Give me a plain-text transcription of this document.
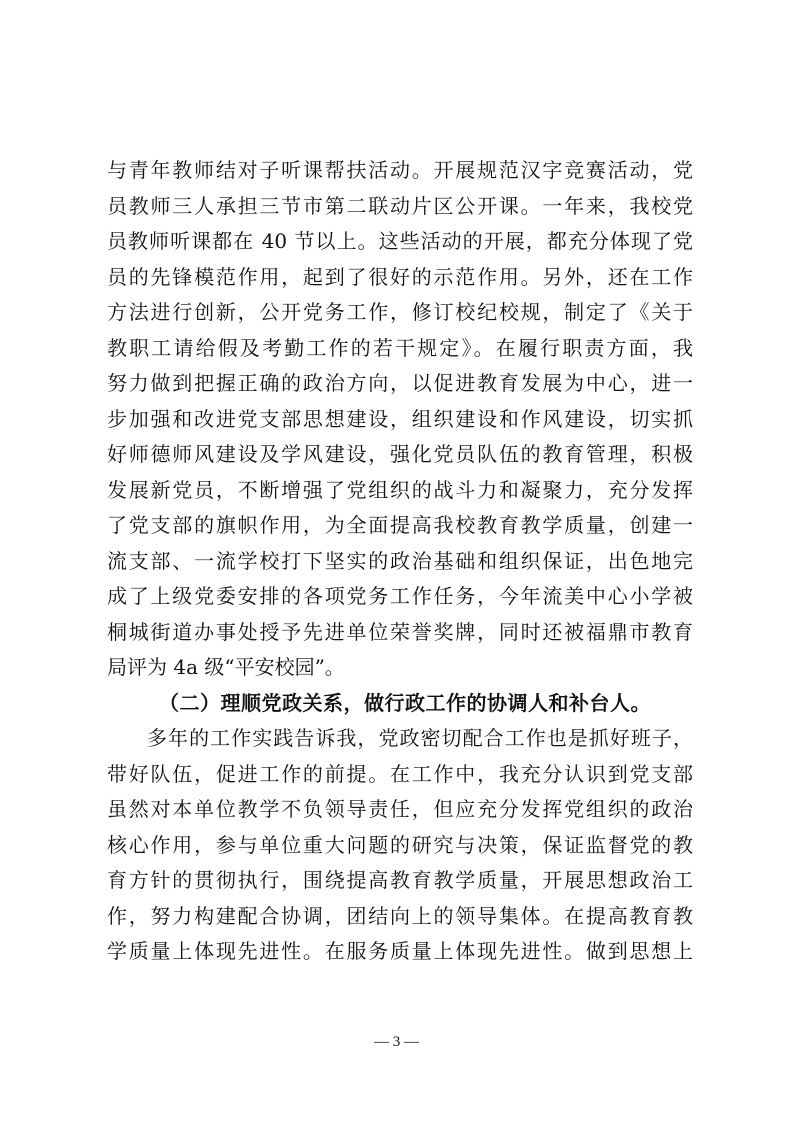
与青年教师结对子听课帮扶活动。开展规范汉字竞赛活动，党
员教师三人承担三节市第二联动片区公开课。一年来，我校党
员教师听课都在 40 节以上。这些活动的开展，都充分体现了党
员的先锋模范作用，起到了很好的示范作用。另外，还在工作
方法进行创新，公开党务工作，修订校纪校规，制定了《关于
教职工请给假及考勤工作的若干规定》。在履行职责方面，我
努力做到把握正确的政治方向，以促进教育发展为中心，进一
步加强和改进党支部思想建设，组织建设和作风建设，切实抓
好师德师风建设及学风建设，强化党员队伍的教育管理，积极
发展新党员，不断增强了党组织的战斗力和凝聚力，充分发挥
了党支部的旗帜作用，为全面提高我校教育教学质量，创建一
流支部、一流学校打下坚实的政治基础和组织保证，出色地完
成了上级党委安排的各项党务工作任务，今年流美中心小学被
桐城街道办事处授予先进单位荣誉奖牌，同时还被福鼎市教育
局评为 4a 级“平安校园”。
（二）理顺党政关系，做行政工作的协调人和补台人。
多年的工作实践告诉我，党政密切配合工作也是抓好班子，
带好队伍，促进工作的前提。在工作中，我充分认识到党支部
虽然对本单位教学不负领导责任，但应充分发挥党组织的政治
核心作用，参与单位重大问题的研究与决策，保证监督党的教
育方针的贯彻执行，围绕提高教育教学质量，开展思想政治工
作，努力构建配合协调，团结向上的领导集体。在提高教育教
学质量上体现先进性。在服务质量上体现先进性。做到思想上
— 3 —
